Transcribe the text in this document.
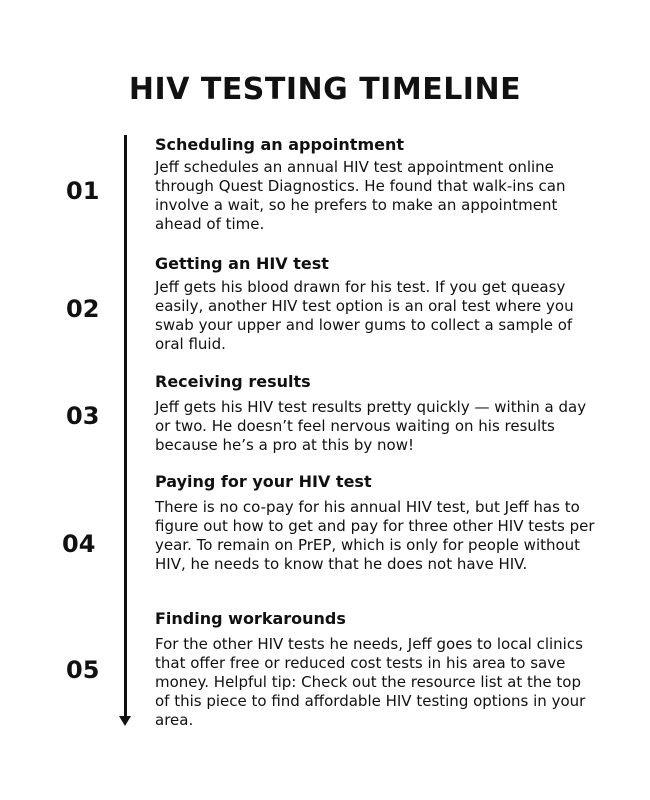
HIV TESTING TIMELINE
01
Scheduling an appointment

Jeff schedules an annual HIV test appointment online through Quest Diagnostics. He found that walk-ins can involve a wait, so he prefers to make an appointment ahead of time.

02
Getting an HIV test

Jeff gets his blood drawn for his test. If you get queasy easily, another HIV test option is an oral test where you swab your upper and lower gums to collect a sample of oral fluid.

03
Receiving results

Jeff gets his HIV test results pretty quickly — within a day or two. He doesn’t feel nervous waiting on his results because he’s a pro at this by now!

04
Paying for your HIV test

There is no co-pay for his annual HIV test, but Jeff has to figure out how to get and pay for three other HIV tests per year. To remain on PrEP, which is only for people without HIV, he needs to know that he does not have HIV.

05
Finding workarounds

For the other HIV tests he needs, Jeff goes to local clinics that offer free or reduced cost tests in his area to save money. Helpful tip: Check out the resource list at the top of this piece to find affordable HIV testing options in your area.
